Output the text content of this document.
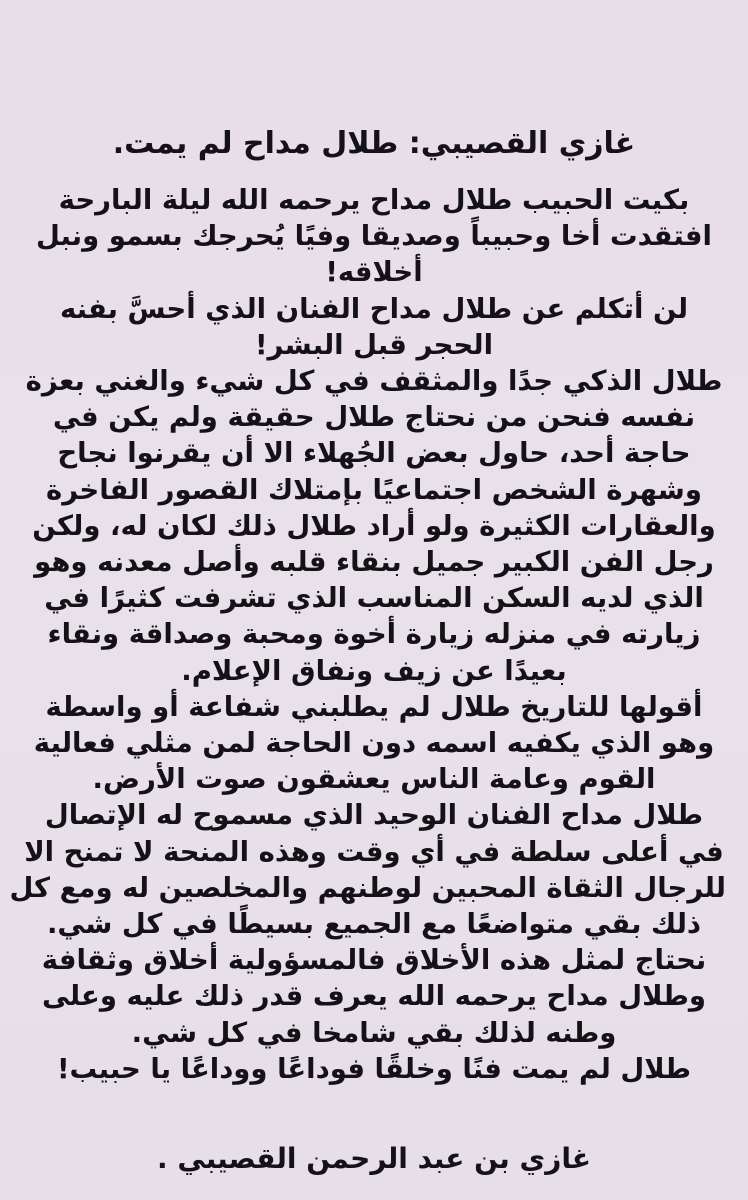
غازي القصيبي: طلال مداح لم يمت.

بكيت الحبيب طلال مداح يرحمه الله ليلة البارحة
افتقدت أخا وحبيباً وصديقا وفيًا يُحرجك بسمو ونبل
أخلاقه!
لن أتكلم عن طلال مداح الفنان الذي أحسَّ بفنه
الحجر قبل البشر!
طلال الذكي جدًا والمثقف في كل شيء والغني بعزة
نفسه فنحن من نحتاج طلال حقيقة ولم يكن في
حاجة أحد، حاول بعض الجُهلاء الا أن يقرنوا نجاح
وشهرة الشخص اجتماعيًا بإمتلاك القصور الفاخرة
والعقارات الكثيرة ولو أراد طلال ذلك لكان له، ولكن
رجل الفن الكبير جميل بنقاء قلبه وأصل معدنه وهو
الذي لديه السكن المناسب الذي تشرفت كثيرًا في
زيارته في منزله زيارة أخوة ومحبة وصداقة ونقاء
بعيدًا عن زيف ونفاق الإعلام.
أقولها للتاريخ طلال لم يطلبني شفاعة أو واسطة
وهو الذي يكفيه اسمه دون الحاجة لمن مثلي فعالية
القوم وعامة الناس يعشقون صوت الأرض.
طلال مداح الفنان الوحيد الذي مسموح له الإتصال
في أعلى سلطة في أي وقت وهذه المنحة لا تمنح الا
للرجال الثقاة المحبين لوطنهم والمخلصين له ومع كل
ذلك بقي متواضعًا مع الجميع بسيطًا في كل شي.
نحتاج لمثل هذه الأخلاق فالمسؤولية أخلاق وثقافة
وطلال مداح يرحمه الله يعرف قدر ذلك عليه وعلى
وطنه لذلك بقي شامخا في كل شي.
طلال لم يمت فنًا وخلقًا فوداعًا ووداعًا يا حبيب!

غازي بن عبد الرحمن القصيبي .
